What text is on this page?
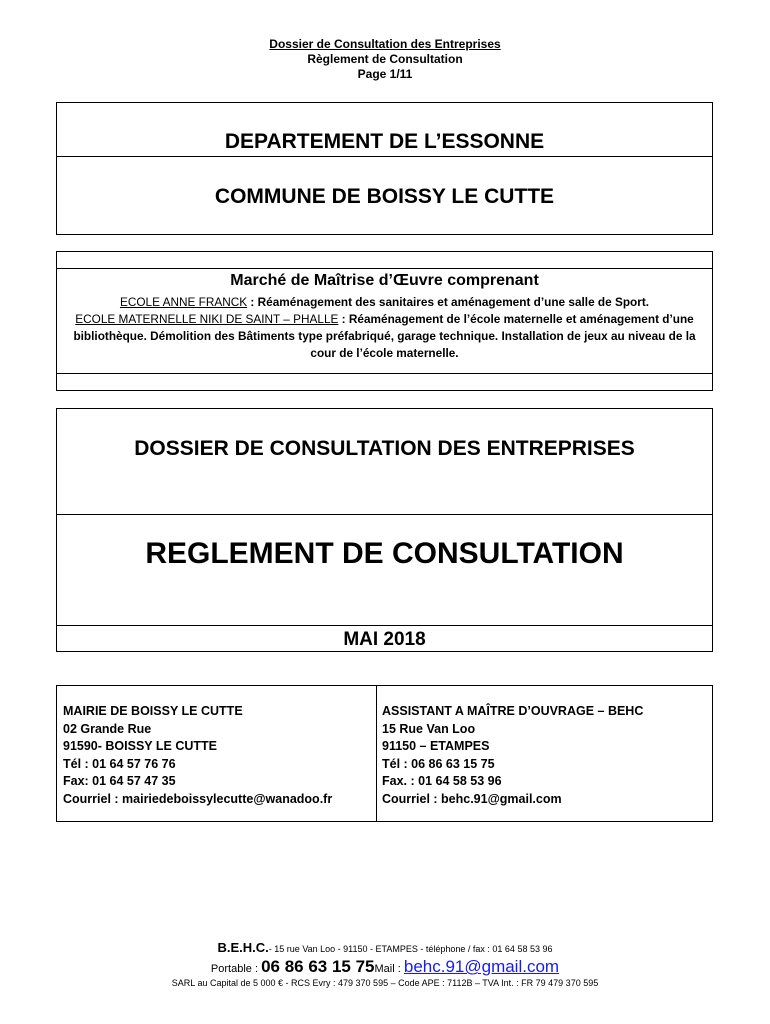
Dossier de Consultation des Entreprises
Règlement de Consultation
Page 1/11
DEPARTEMENT DE L’ESSONNE
COMMUNE DE BOISSY LE CUTTE
Marché de Maîtrise d’Œuvre comprenant
ECOLE ANNE FRANCK : Réaménagement des sanitaires et aménagement d’une salle de Sport.
ECOLE MATERNELLE NIKI DE SAINT – PHALLE : Réaménagement de l’école maternelle et aménagement d’une bibliothèque. Démolition des Bâtiments type préfabriqué, garage technique. Installation de jeux au niveau de la cour de l’école maternelle.
DOSSIER DE CONSULTATION DES ENTREPRISES
REGLEMENT DE CONSULTATION
MAI 2018
MAIRIE DE BOISSY LE CUTTE
02 Grande Rue
91590- BOISSY LE CUTTE
Tél : 01 64 57 76 76
Fax: 01 64 57 47 35
Courriel : mairiedeboissylecutte@wanadoo.fr
ASSISTANT A MAÎTRE D’OUVRAGE – BEHC
15 Rue Van Loo
91150 – ETAMPES
Tél : 06 86 63 15 75
Fax. : 01 64 58 53 96
Courriel : behc.91@gmail.com
B.E.H.C.- 15 rue Van Loo - 91150 - ETAMPES - téléphone / fax : 01 64 58 53 96
Portable : 06 86 63 15 75Mail : behc.91@gmail.com
SARL au Capital de 5 000 € - RCS Evry : 479 370 595 – Code APE : 7112B – TVA Int. : FR 79 479 370 595
